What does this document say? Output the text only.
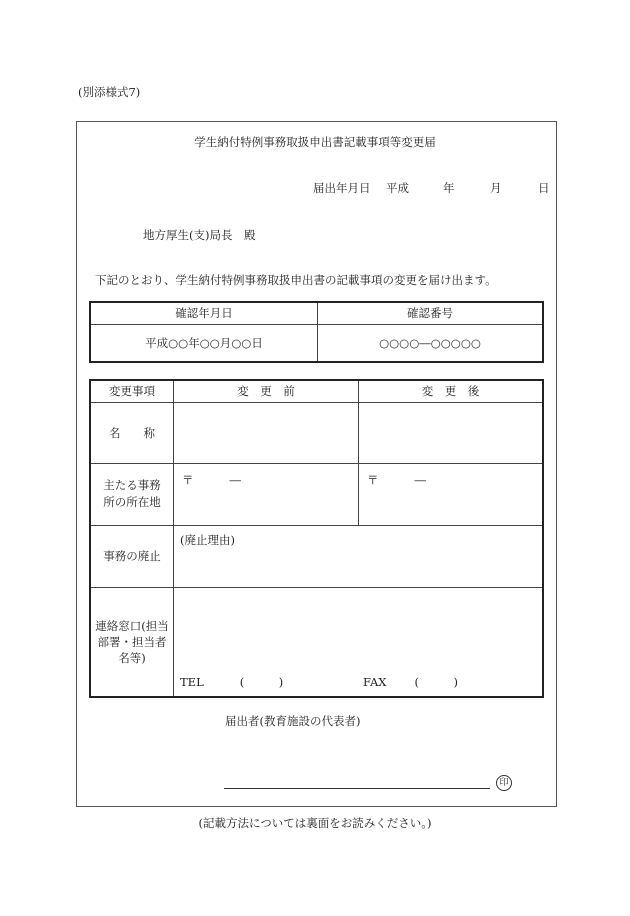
(別添様式7)
学生納付特例事務取扱申出書記載事項等変更届
届出年月日 平成	年	月	日
地方厚生(支)局長　殿
下記のとおり、学生納付特例事務取扱申出書の記載事項の変更を届け出ます。
確認年月日	確認番号
平成○○年○○月○○日	○○○○―○○○○○
変更事項	変　更　前	変　更　後
名　　称		
主たる事務所の所在地	〒 ―	〒 ―
事務の廃止	(廃止理由)	
連絡窓口(担当部署・担当者名等)	TEL (　　　) FAX (　　　)	
届出者(教育施設の代表者)
印
(記載方法については裏面をお読みください。)
